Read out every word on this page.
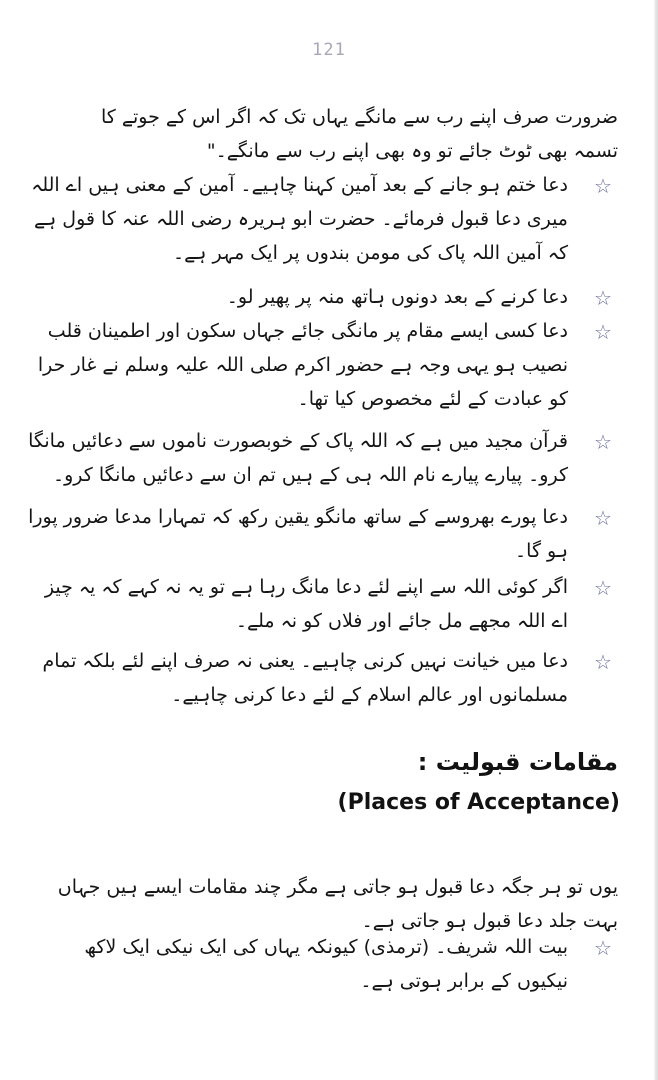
121
ضرورت صرف اپنے رب سے مانگے یہاں تک کہ اگر اس کے جوتے کا
تسمہ بھی ٹوٹ جائے تو وہ بھی اپنے رب سے مانگے۔"
☆
دعا ختم ہو جانے کے بعد آمین کہنا چاہیے۔ آمین کے معنی ہیں اے اللہ میری دعا قبول فرمائے۔ حضرت ابو ہریرہ رضی اللہ عنہ کا قول ہے کہ آمین اللہ پاک کی مومن بندوں پر ایک مہر ہے۔
☆
دعا کرنے کے بعد دونوں ہاتھ منہ پر پھیر لو۔
☆
دعا کسی ایسے مقام پر مانگی جائے جہاں سکون اور اطمینان قلب نصیب ہو یہی وجہ ہے حضور اکرم صلی اللہ علیہ وسلم نے غار حرا کو عبادت کے لئے مخصوص کیا تھا۔
☆
قرآن مجید میں ہے کہ اللہ پاک کے خوبصورت ناموں سے دعائیں مانگا کرو۔ پیارے پیارے نام اللہ ہی کے ہیں تم ان سے دعائیں مانگا کرو۔
☆
دعا پورے بھروسے کے ساتھ مانگو یقین رکھ کہ تمہارا مدعا ضرور پورا ہو گا۔
☆
اگر کوئی اللہ سے اپنے لئے دعا مانگ رہا ہے تو یہ نہ کہے کہ یہ چیز اے اللہ مجھے مل جائے اور فلاں کو نہ ملے۔
☆
دعا میں خیانت نہیں کرنی چاہیے۔ یعنی نہ صرف اپنے لئے بلکہ تمام مسلمانوں اور عالم اسلام کے لئے دعا کرنی چاہیے۔
مقامات قبولیت :
(Places of Acceptance)
یوں تو ہر جگہ دعا قبول ہو جاتی ہے مگر چند مقامات ایسے ہیں جہاں بہت جلد دعا قبول ہو جاتی ہے۔
☆
بیت اللہ شریف۔ (ترمذی) کیونکہ یہاں کی ایک نیکی ایک لاکھ نیکیوں کے برابر ہوتی ہے۔
